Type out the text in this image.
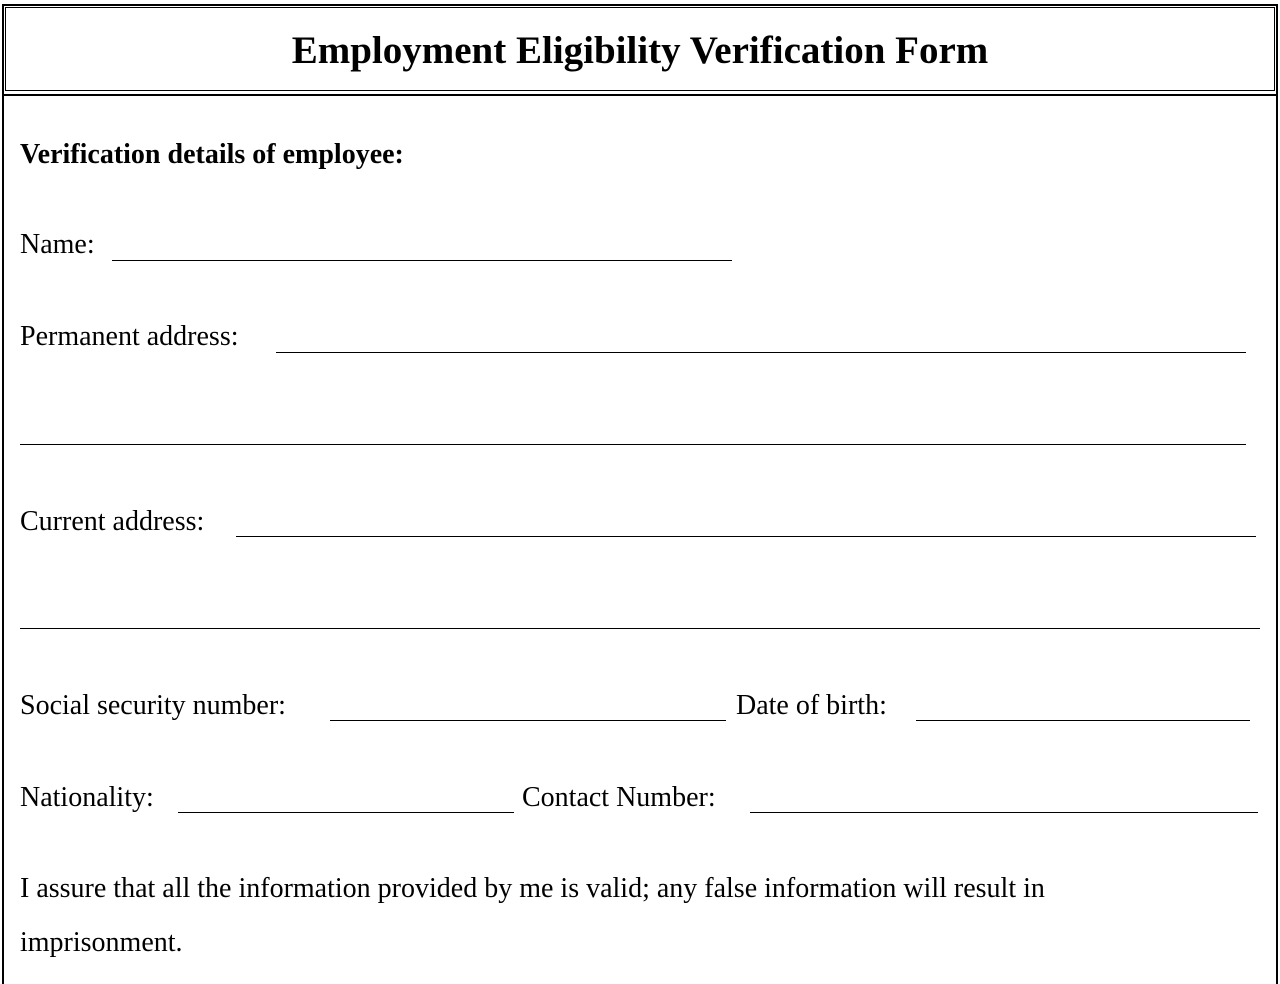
Employment Eligibility Verification Form
Verification details of employee:
Name:
Permanent address:
Current address:
Social security number:	Date of birth:
Nationality:	Contact Number:
I assure that all the information provided by me is valid; any false information will result in
imprisonment.
